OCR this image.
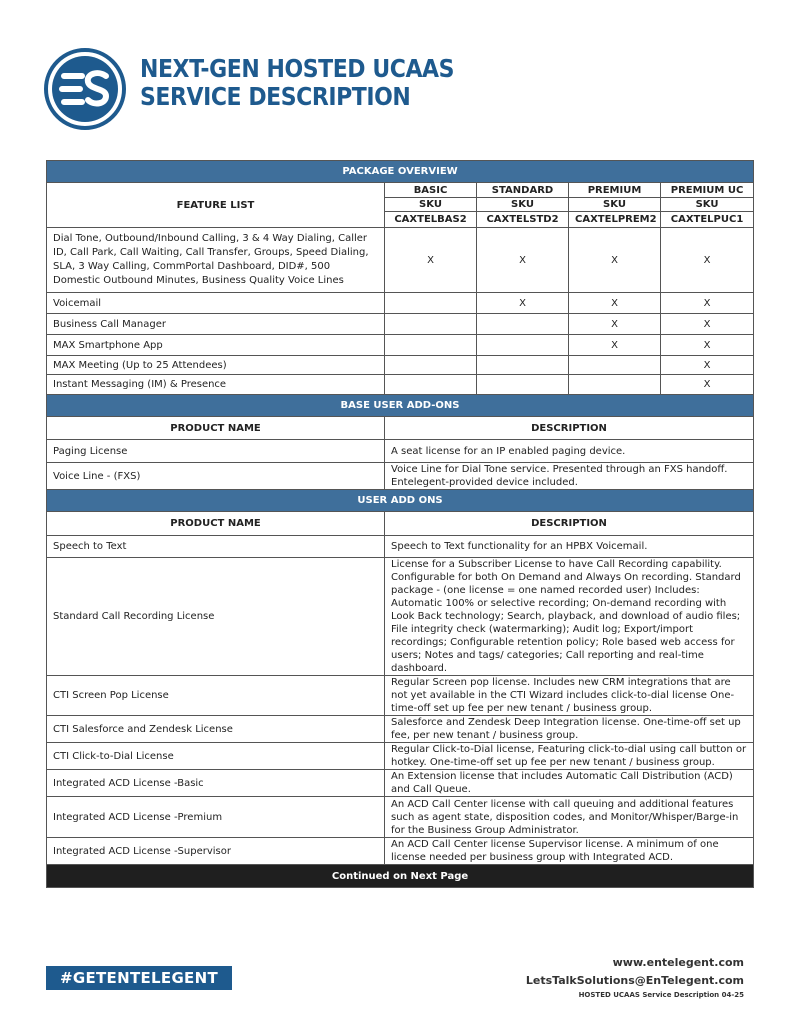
NEXT-GEN HOSTED UCAAS
SERVICE DESCRIPTION
PACKAGE OVERVIEW				
FEATURE LIST	BASIC	STANDARD	PREMIUM	PREMIUM UC
	SKU	SKU	SKU	SKU
	CAXTELBAS2	CAXTELSTD2	CAXTELPREM2	CAXTELPUC1
Dial Tone, Outbound/Inbound Calling, 3 & 4 Way Dialing, Caller ID, Call Park, Call Waiting, Call Transfer, Groups, Speed Dialing, SLA, 3 Way Calling, CommPortal Dashboard, DID#, 500 Domestic Outbound Minutes, Business Quality Voice Lines	X	X	X	X
Voicemail		X	X	X
Business Call Manager			X	X
MAX Smartphone App			X	X
MAX Meeting (Up to 25 Attendees)				X
Instant Messaging (IM) & Presence				X
BASE USER ADD-ONS				
PRODUCT NAME	DESCRIPTION			
Paging License	A seat license for an IP enabled paging device.			
Voice Line - (FXS)	Voice Line for Dial Tone service. Presented through an FXS handoff. Entelegent-provided device included.			
USER ADD ONS				
PRODUCT NAME	DESCRIPTION			
Speech to Text	Speech to Text functionality for an HPBX Voicemail.			
Standard Call Recording License	License for a Subscriber License to have Call Recording capability. Configurable for both On Demand and Always On recording. Standard package - (one license = one named recorded user) Includes: Automatic 100% or selective recording; On-demand recording with Look Back technology; Search, playback, and download of audio files; File integrity check (watermarking); Audit log; Export/import recordings; Configurable retention policy; Role based web access for users; Notes and tags/ categories; Call reporting and real-time dashboard.			
CTI Screen Pop License	Regular Screen pop license. Includes new CRM integrations that are not yet available in the CTI Wizard includes click-to-dial license One-time-off set up fee per new tenant / business group.			
CTI Salesforce and Zendesk License	Salesforce and Zendesk Deep Integration license. One-time-off set up fee, per new tenant / business group.			
CTI Click-to-Dial License	Regular Click-to-Dial license, Featuring click-to-dial using call button or hotkey. One-time-off set up fee per new tenant / business group.			
Integrated ACD License -Basic	An Extension license that includes Automatic Call Distribution (ACD) and Call Queue.			
Integrated ACD License -Premium	An ACD Call Center license with call queuing and additional features such as agent state, disposition codes, and Monitor/Whisper/Barge-in for the Business Group Administrator.			
Integrated ACD License -Supervisor	An ACD Call Center license Supervisor license. A minimum of one license needed per business group with Integrated ACD.			
Continued on Next Page				
#GETENTELEGENT
www.entelegent.com
LetsTalkSolutions@EnTelegent.com
HOSTED UCAAS Service Description 04-25
